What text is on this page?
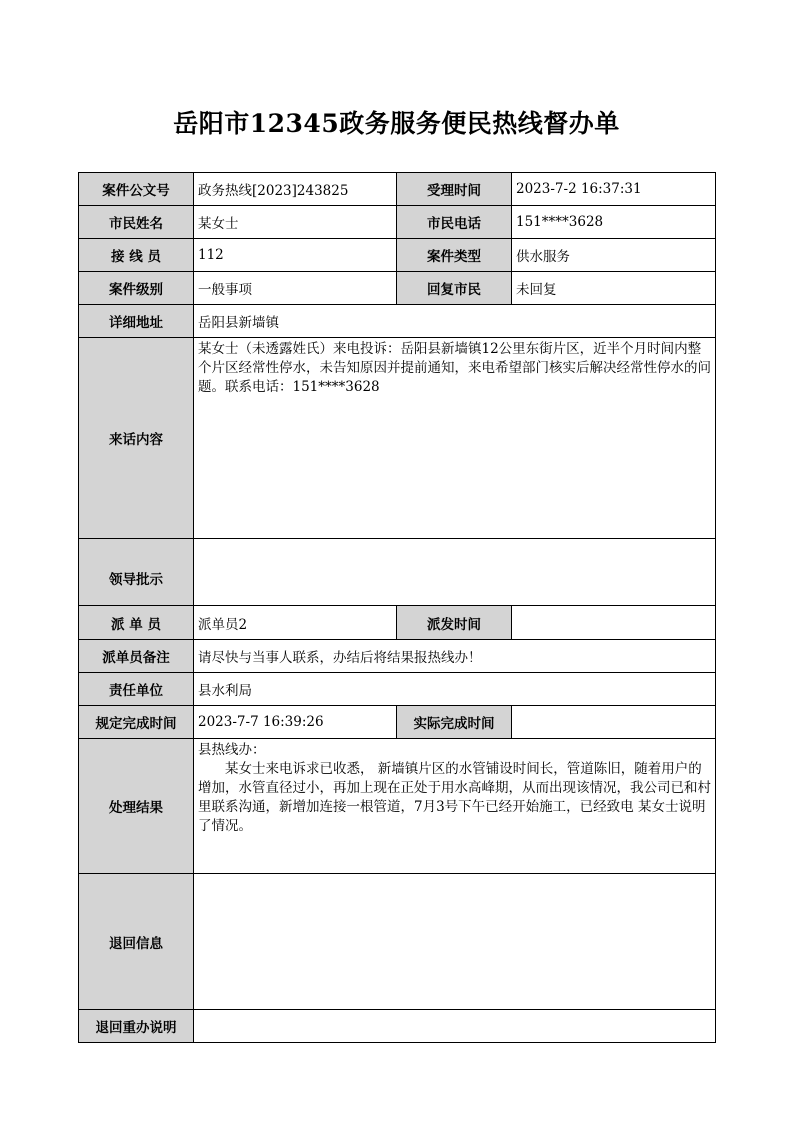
岳阳市12345政务服务便民热线督办单
案件公文号	政务热线[2023]243825	受理时间	2023-7-2 16:37:31
市民姓名	某女士	市民电话	151****3628
接 线 员	112	案件类型	供水服务
案件级别	一般事项	回复市民	未回复
详细地址	岳阳县新墙镇		
来话内容	某女士（未透露姓氏）来电投诉：岳阳县新墙镇12公里东街片区，近半个月时间内整个片区经常性停水，未告知原因并提前通知，来电希望部门核实后解决经常性停水的问题。联系电话：151****3628		
领导批示			
派 单 员	派单员2	派发时间	
派单员备注	请尽快与当事人联系，办结后将结果报热线办！		
责任单位	县水利局		
规定完成时间	2023-7-7 16:39:26	实际完成时间	
处理结果	县热线办：
某女士来电诉求已收悉， 新墙镇片区的水管铺设时间长，管道陈旧，随着用户的增加，水管直径过小，再加上现在正处于用水高峰期，从而出现该情况，我公司已和村里联系沟通，新增加连接一根管道，7月3号下午已经开始施工，已经致电 某女士说明了情况。		

退回信息			
退回重办说明			
